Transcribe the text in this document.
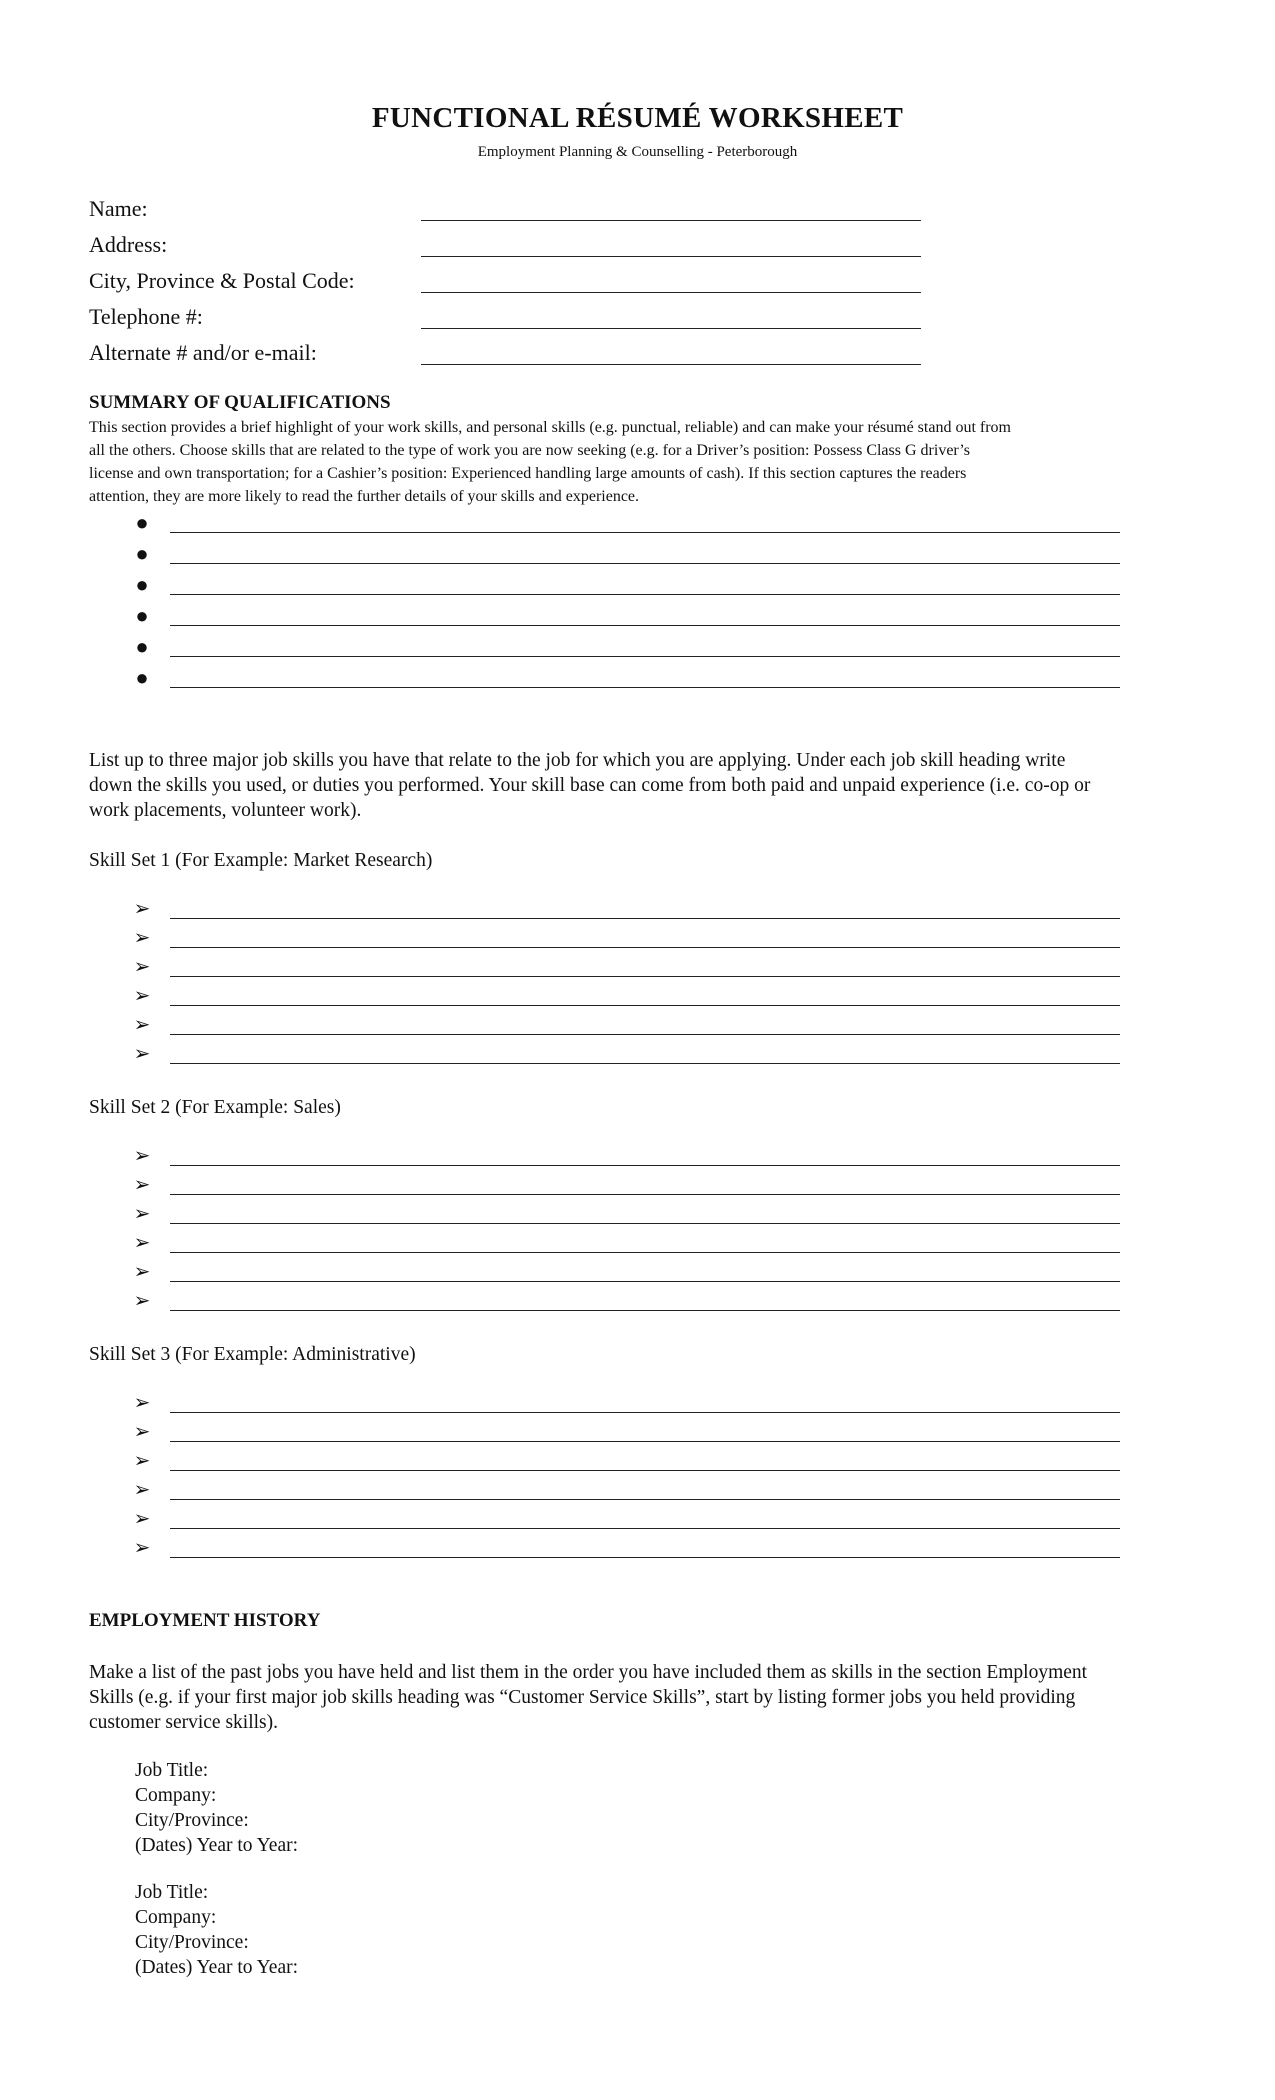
FUNCTIONAL RÉSUMÉ WORKSHEET
Employment Planning & Counselling - Peterborough
Name:
Address:
City, Province & Postal Code:
Telephone #:
Alternate # and/or e-mail:
SUMMARY OF QUALIFICATIONS
This section provides a brief highlight of your work skills, and personal skills (e.g. punctual, reliable) and can make your résumé stand out from
all the others. Choose skills that are related to the type of work you are now seeking (e.g. for a Driver’s position: Possess Class G driver’s
license and own transportation; for a Cashier’s position: Experienced handling large amounts of cash). If this section captures the readers
attention, they are more likely to read the further details of your skills and experience.
●
●
●
●
●
●
List up to three major job skills you have that relate to the job for which you are applying. Under each job skill heading write
down the skills you used, or duties you performed. Your skill base can come from both paid and unpaid experience (i.e. co-op or
work placements, volunteer work).
Skill Set 1 (For Example: Market Research)
➢
➢
➢
➢
➢
➢
Skill Set 2 (For Example: Sales)
➢
➢
➢
➢
➢
➢
Skill Set 3 (For Example: Administrative)
➢
➢
➢
➢
➢
➢
EMPLOYMENT HISTORY
Make a list of the past jobs you have held and list them in the order you have included them as skills in the section Employment
Skills (e.g. if your first major job skills heading was “Customer Service Skills”, start by listing former jobs you held providing
customer service skills).
Job Title:
Company:
City/Province:
(Dates) Year to Year:
Job Title:
Company:
City/Province:
(Dates) Year to Year:
